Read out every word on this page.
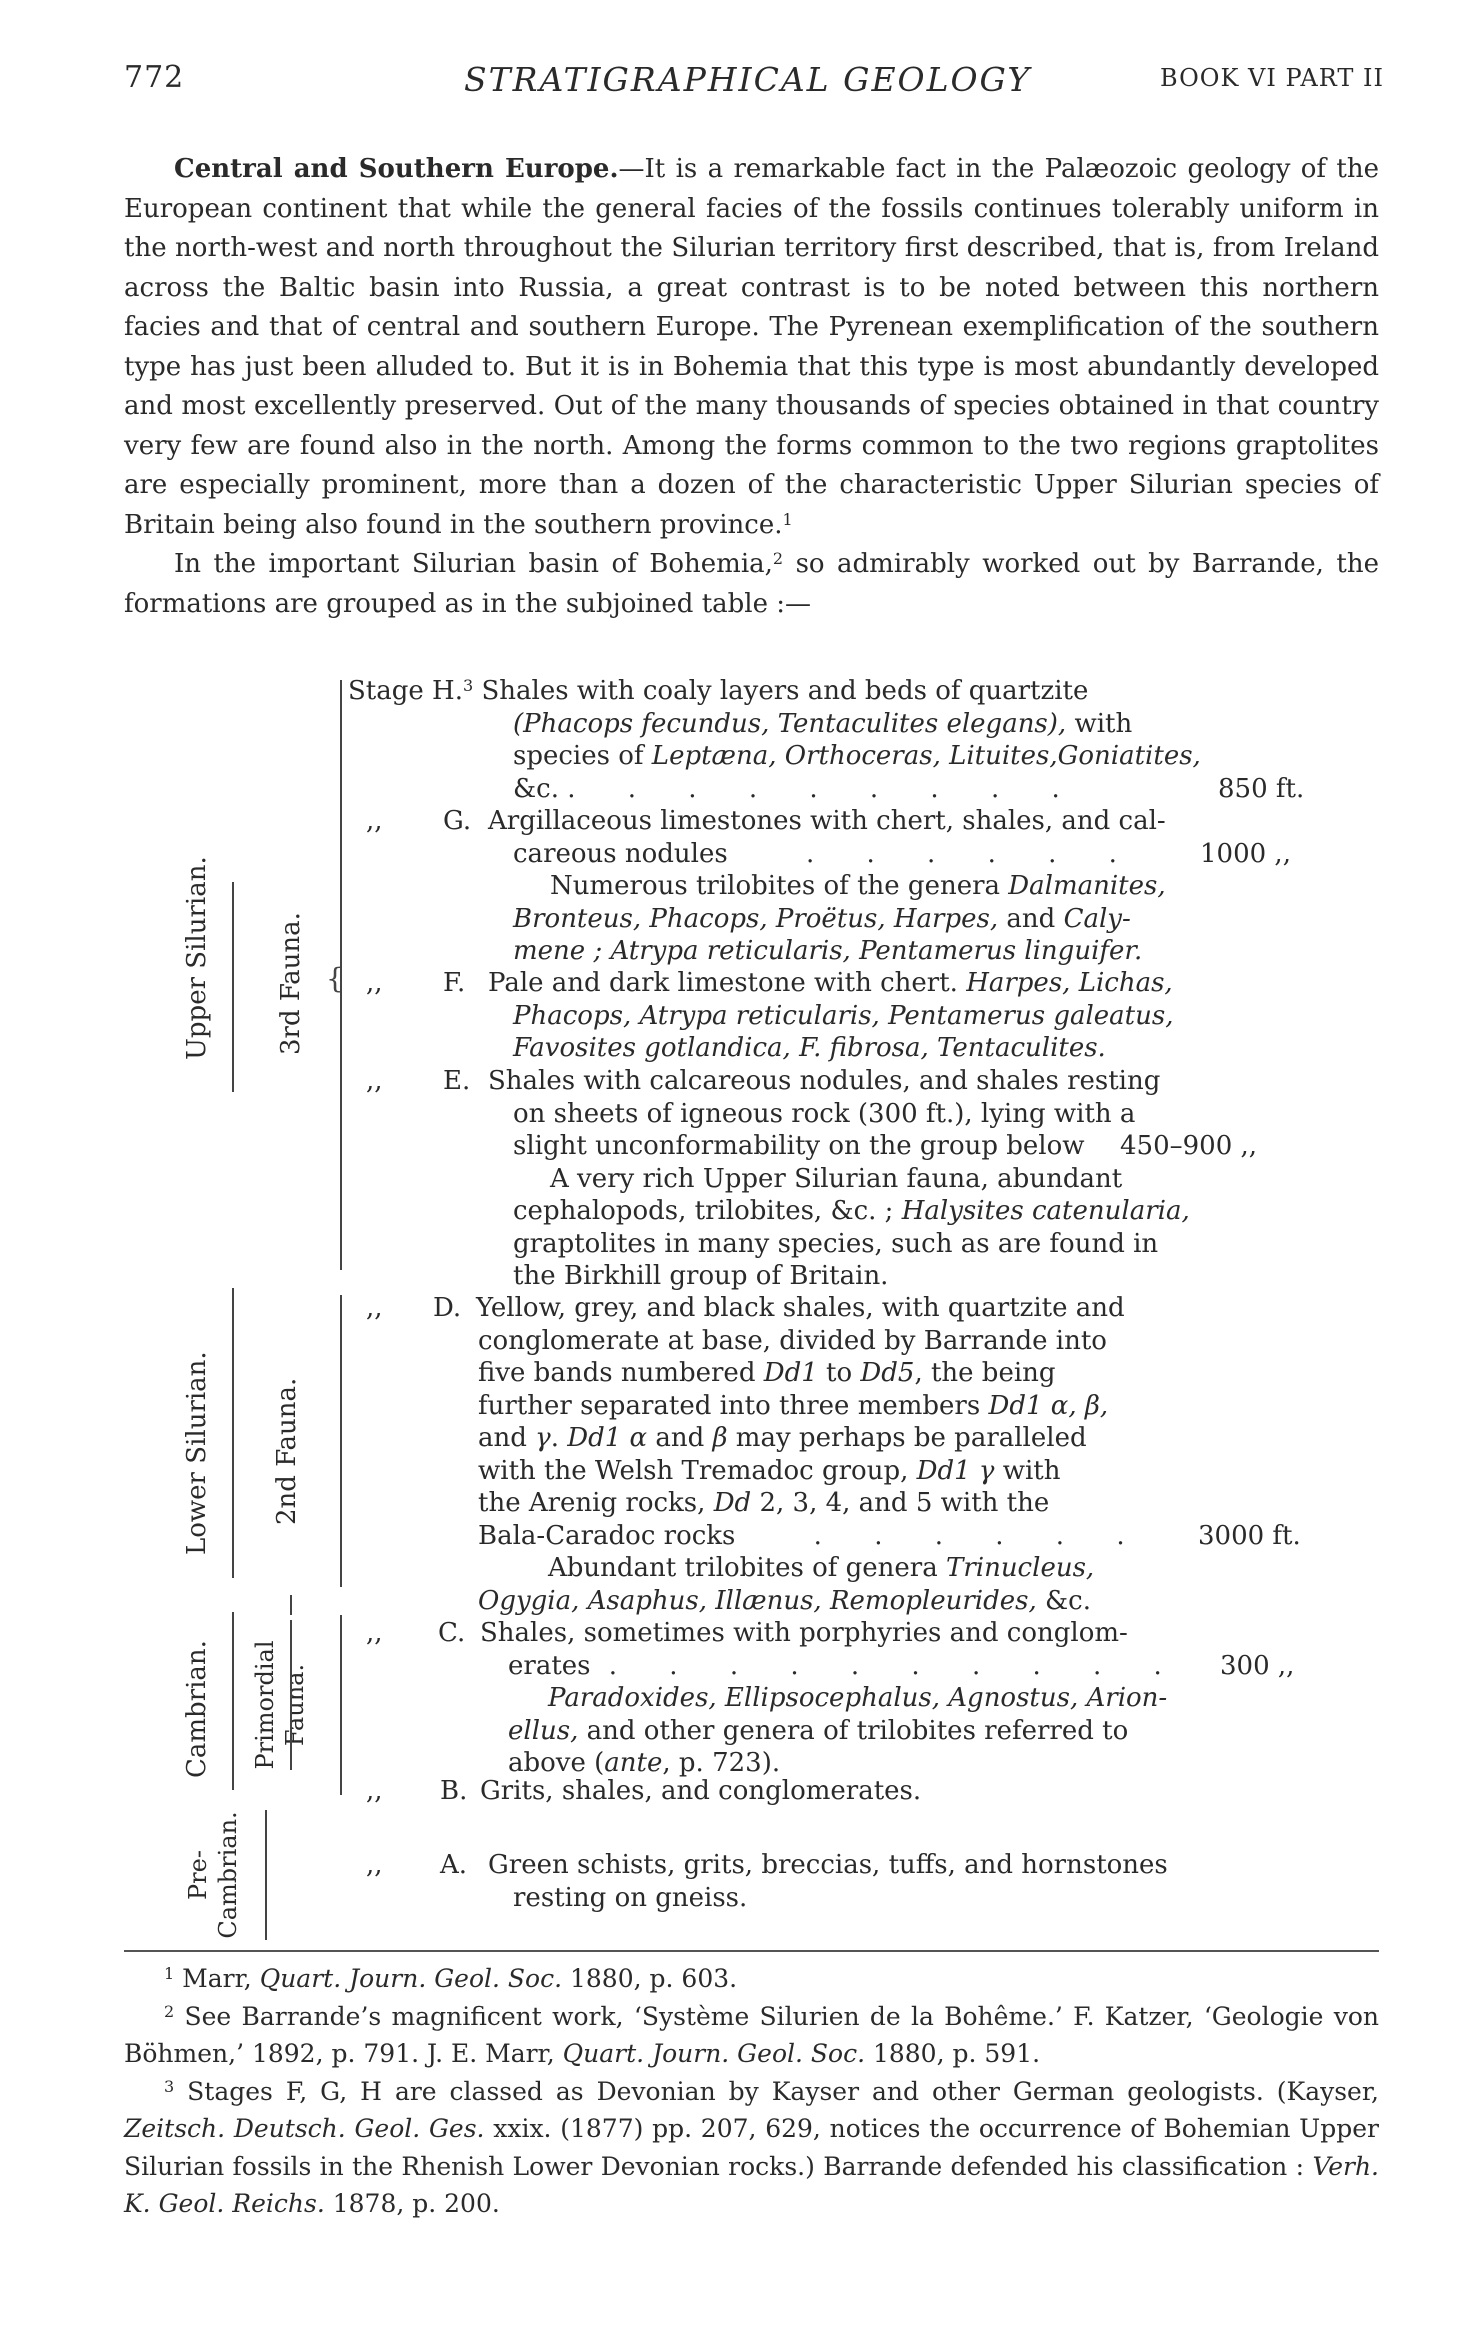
772	STRATIGRAPHICAL GEOLOGY	BOOK VI PART II

Central and Southern Europe.—It is a remarkable fact in the Palæozoic geology of the European continent that while the general facies of the fossils continues tolerably uniform in the north-west and north throughout the Silurian territory first described, that is, from Ireland across the Baltic basin into Russia, a great contrast is to be noted between this northern facies and that of central and southern Europe. The Pyrenean exemplification of the southern type has just been alluded to. But it is in Bohemia that this type is most abundantly developed and most excellently preserved. Out of the many thousands of species obtained in that country very few are found also in the north. Among the forms common to the two regions graptolites are especially prominent, more than a dozen of the characteristic Upper Silurian species of Britain being also found in the southern province.$^1$

In the important Silurian basin of Bohemia,$^2$ so admirably worked out by Barrande, the formations are grouped as in the subjoined table :—

Upper Silurian.
Lower Silurian.
Cambrian.
Pre-
Cambrian.
3rd Fauna.
2nd Fauna.
Primordial
Fauna.
Stage H.$^3$ Shales with coaly layers and beds of quartzite
(Phacops fecundus, Tentaculites elegans), with
species of Leptæna, Orthoceras, Lituites,Goniatites,
&c. . . . . . . . . .	850 ft.
,,	G. Argillaceous limestones with chert, shales, and cal-
careous nodules	. . . . . .	1000 ,,
Numerous trilobites of the genera Dalmanites,
Bronteus, Phacops, Proëtus, Harpes, and Caly-
mene ; Atrypa reticularis, Pentamerus linguifer.
{ ,,	F. Pale and dark limestone with chert. Harpes, Lichas,
Phacops, Atrypa reticularis, Pentamerus galeatus,
Favosites gotlandica, F. fibrosa, Tentaculites.
,,	E. Shales with calcareous nodules, and shales resting
on sheets of igneous rock (300 ft.), lying with a
slight unconformability on the group below	450–900 ,,
A very rich Upper Silurian fauna, abundant
cephalopods, trilobites, &c. ; Halysites catenularia,
graptolites in many species, such as are found in
the Birkhill group of Britain.
,,	D. Yellow, grey, and black shales, with quartzite and
conglomerate at base, divided by Barrande into
five bands numbered Dd1 to Dd5, the being
further separated into three members Dd1 α, β,
and γ. Dd1 α and β may perhaps be paralleled
with the Welsh Tremadoc group, Dd1 γ with
the Arenig rocks, Dd 2, 3, 4, and 5 with the
Bala-Caradoc rocks	. . . . . .	3000 ft.
Abundant trilobites of genera Trinucleus,
Ogygia, Asaphus, Illænus, Remopleurides, &c.
,,	C. Shales, sometimes with porphyries and conglom-
erates . . . . . . . . . .	300 ,,
Paradoxides, Ellipsocephalus, Agnostus, Arion-
ellus, and other genera of trilobites referred to
above (ante, p. 723).
,,	B. Grits, shales, and conglomerates.
,,	A. Green schists, grits, breccias, tuffs, and hornstones
resting on gneiss.

$^1$ Marr, Quart. Journ. Geol. Soc. 1880, p. 603.

$^2$ See Barrande’s magnificent work, ‘Système Silurien de la Bohême.’ F. Katzer, ‘Geologie von Böhmen,’ 1892, p. 791. J. E. Marr, Quart. Journ. Geol. Soc. 1880, p. 591.

$^3$ Stages F, G, H are classed as Devonian by Kayser and other German geologists. (Kayser, Zeitsch. Deutsch. Geol. Ges. xxix. (1877) pp. 207, 629, notices the occurrence of Bohemian Upper Silurian fossils in the Rhenish Lower Devonian rocks.) Barrande defended his classification : Verh. K. Geol. Reichs. 1878, p. 200.
